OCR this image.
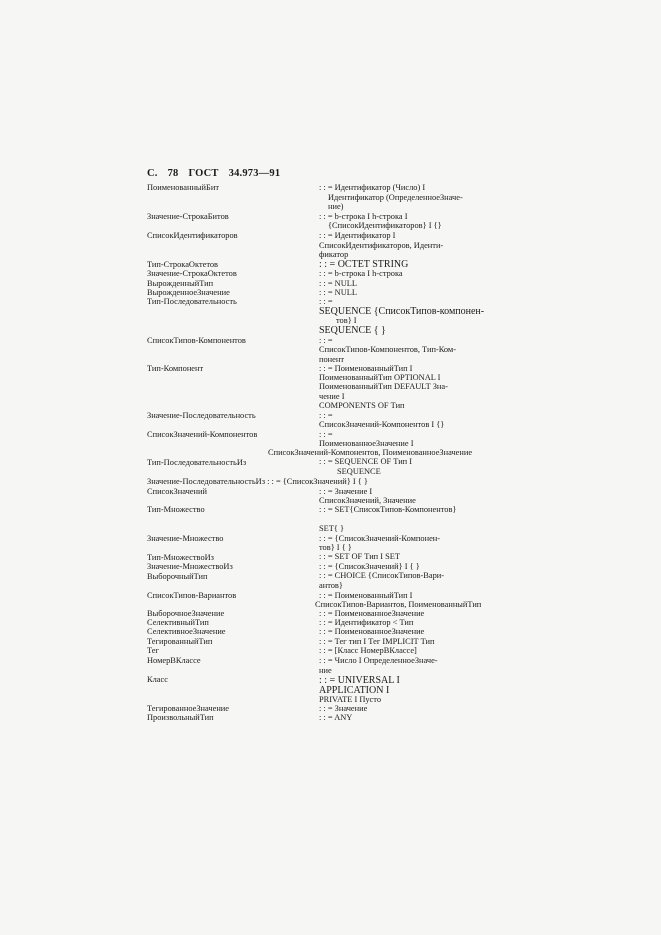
С. 78 ГОСТ 34.973—91
ПоименованныйБит	: : = Идентификатор (Число) I
Идентификатор (ОпределенноеЗначе-
ние)
Значение-СтрокаБитов	: : = b-строка I h-строка I
{СписокИдентификаторов} I {}
СписокИдентификаторов	: : = Идентификатор I
СписокИдентификаторов, Иденти-
фикатор
Тип-СтрокаОктетов	: : = OCTET STRING
Значение-СтрокаОктетов	: : = b-строка I h-строка
ВырожденныйТип	: : = NULL
ВырожденноеЗначение	: : = NULL
Тип-Последовательность	: : =
SEQUENCE {СписокТипов-компонен-
тов} I
SEQUENCE { }
СписокТипов-Компонентов	: : =
СписокТипов-Компонентов, Тип-Ком-
понент
Тип-Компонент	: : = ПоименованныйТип I
ПоименованныйТип OPTIONAL I
ПоименованныйТип DEFAULT Зна-
чение I
COMPONENTS OF Тип
Значение-Последовательность	: : =
СписокЗначений-Компонентов I {}
СписокЗначений-Компонентов	: : =
ПоименованноеЗначение I
СписокЗначений-Компонентов, ПоименованноеЗначение
Тип-ПоследовательностьИз	: : = SEQUENCE OF Тип I
SEQUENCE
Значение-ПоследовательностьИз : : = {СписокЗначений} I { }
СписокЗначений	: : = Значение I
СписокЗначений, Значение
Тип-Множество	: : = SET{СписокТипов-Компонентов}
SET{ }
Значение-Множество	: : = {СписокЗначений-Компонен-
тов} I { }
Тип-МножествоИз	: : = SET OF Тип I SET
Значение-МножествоИз	: : = {СписокЗначений} I { }
ВыборочныйТип	: : = CHOICE {СписокТипов-Вари-
антов}
СписокТипов-Вариантов	: : = ПоименованныйТип I
СписокТипов-Вариантов, ПоименованныйТип
ВыборочноеЗначение	: : = ПоименованноеЗначение
СелективныйТип	: : = Идентификатор < Тип
СелективноеЗначение	: : = ПоименованноеЗначение
ТегированныйТип	: : = Тег тип I Тег IMPLICIT Тип
Тег	: : = [Класс НомерВКлассе]
НомерВКлассе	: : = Число I ОпределенноеЗначе-
ние
Класс	: : = UNIVERSAL I
APPLICATION I
PRIVATE I Пусто
ТегированноеЗначение	: : = Значение
ПроизвольныйТип	: : = ANY
